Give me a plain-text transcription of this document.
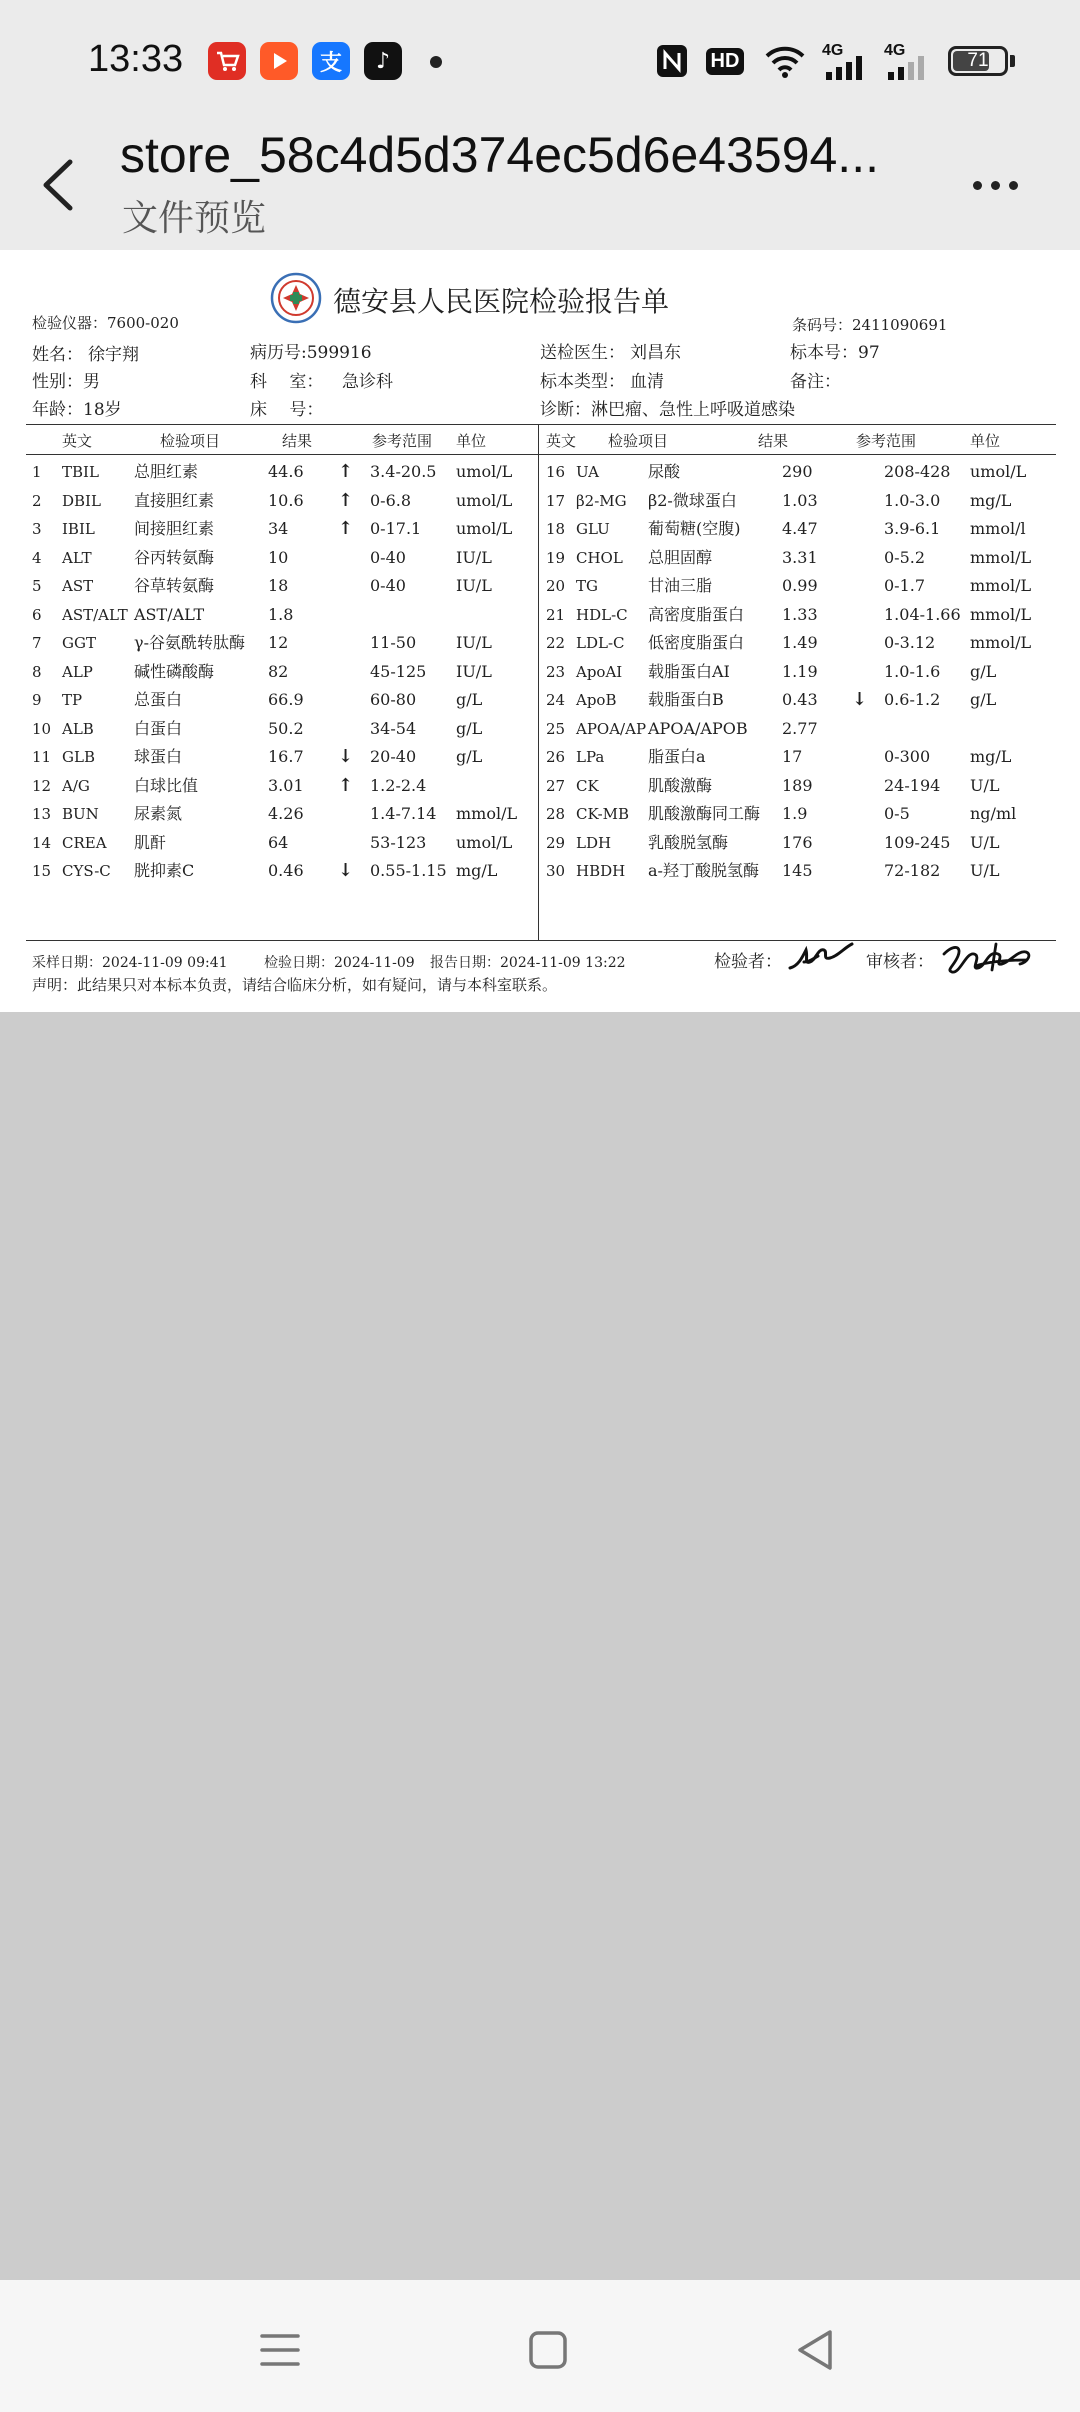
13:33	支	♪	HD	4G	4G	71
store_58c4d5d374ec5d6e43594...
文件预览
德安县人民医院检验报告单
检验仪器：7600-020	条码号：2411090691
姓名： 徐宇翔	病历号:599916	送检医生： 刘昌东	标本号：97
性别：男	科　 室： 急诊科	标本类型： 血清	备注：
年龄：18岁	床　 号：	诊断：淋巴瘤、急性上呼吸道感染
英文	检验项目	结果	参考范围 单位	英文 检验项目	结果	参考范围	单位
1 TBIL 总胆红素	44.6 ↑ 3.4-20.5 umol/L
2 DBIL 直接胆红素	10.6 ↑ 0-6.8	umol/L
3 IBIL 间接胆红素	34	↑ 0-17.1 umol/L
4 ALT	谷丙转氨酶	10	0-40	IU/L
5 AST	谷草转氨酶	18	0-40	IU/L
6 AST/ALT AST/ALT	1.8
7 GGT γ-谷氨酰转肽酶 12	11-50 IU/L
8 ALP	碱性磷酸酶	82	45-125 IU/L
9 TP	总蛋白	66.9	60-80 g/L
10 ALB	白蛋白	50.2	34-54 g/L
11 GLB 球蛋白	16.7 ↓ 20-40 g/L
12 A/G	白球比值	3.01 ↑ 1.2-2.4
13 BUN 尿素氮	4.26	1.4-7.14 mmol/L
14 CREA 肌酐	64	53-123 umol/L
15 CYS-C 胱抑素C	0.46 ↓ 0.55-1.15 mg/L
16 UA	尿酸	290	208-428 umol/L
17 β2-MG β2-微球蛋白	1.03	1.0-3.0 mg/L
18 GLU 葡萄糖(空腹)	4.47	3.9-6.1 mmol/l
19 CHOL 总胆固醇	3.31	0-5.2	mmol/L
20 TG	甘油三脂	0.99	0-1.7	mmol/L
21 HDL-C 高密度脂蛋白 1.33	1.04-1.66 mmol/L
22 LDL-C 低密度脂蛋白 1.49	0-3.12 mmol/L
23 ApoAI 载脂蛋白AI	1.19	1.0-1.6 g/L
24 ApoB 载脂蛋白B	0.43 ↓ 0.6-1.2 g/L
25 APOA/AP APOA/APOB 2.77
26 LPa	脂蛋白a	17	0-300 mg/L
27 CK	肌酸激酶	189	24-194 U/L
28 CK-MB 肌酸激酶同工酶 1.9	0-5	ng/ml
29 LDH 乳酸脱氢酶	176	109-245 U/L
30 HBDH a-羟丁酸脱氢酶 145	72-182 U/L
采样日期：2024-11-09 09:41	检验日期：2024-11-09 报告日期：2024-11-09 13:22	检验者：	审核者：
声明：此结果只对本标本负责，请结合临床分析，如有疑问，请与本科室联系。
